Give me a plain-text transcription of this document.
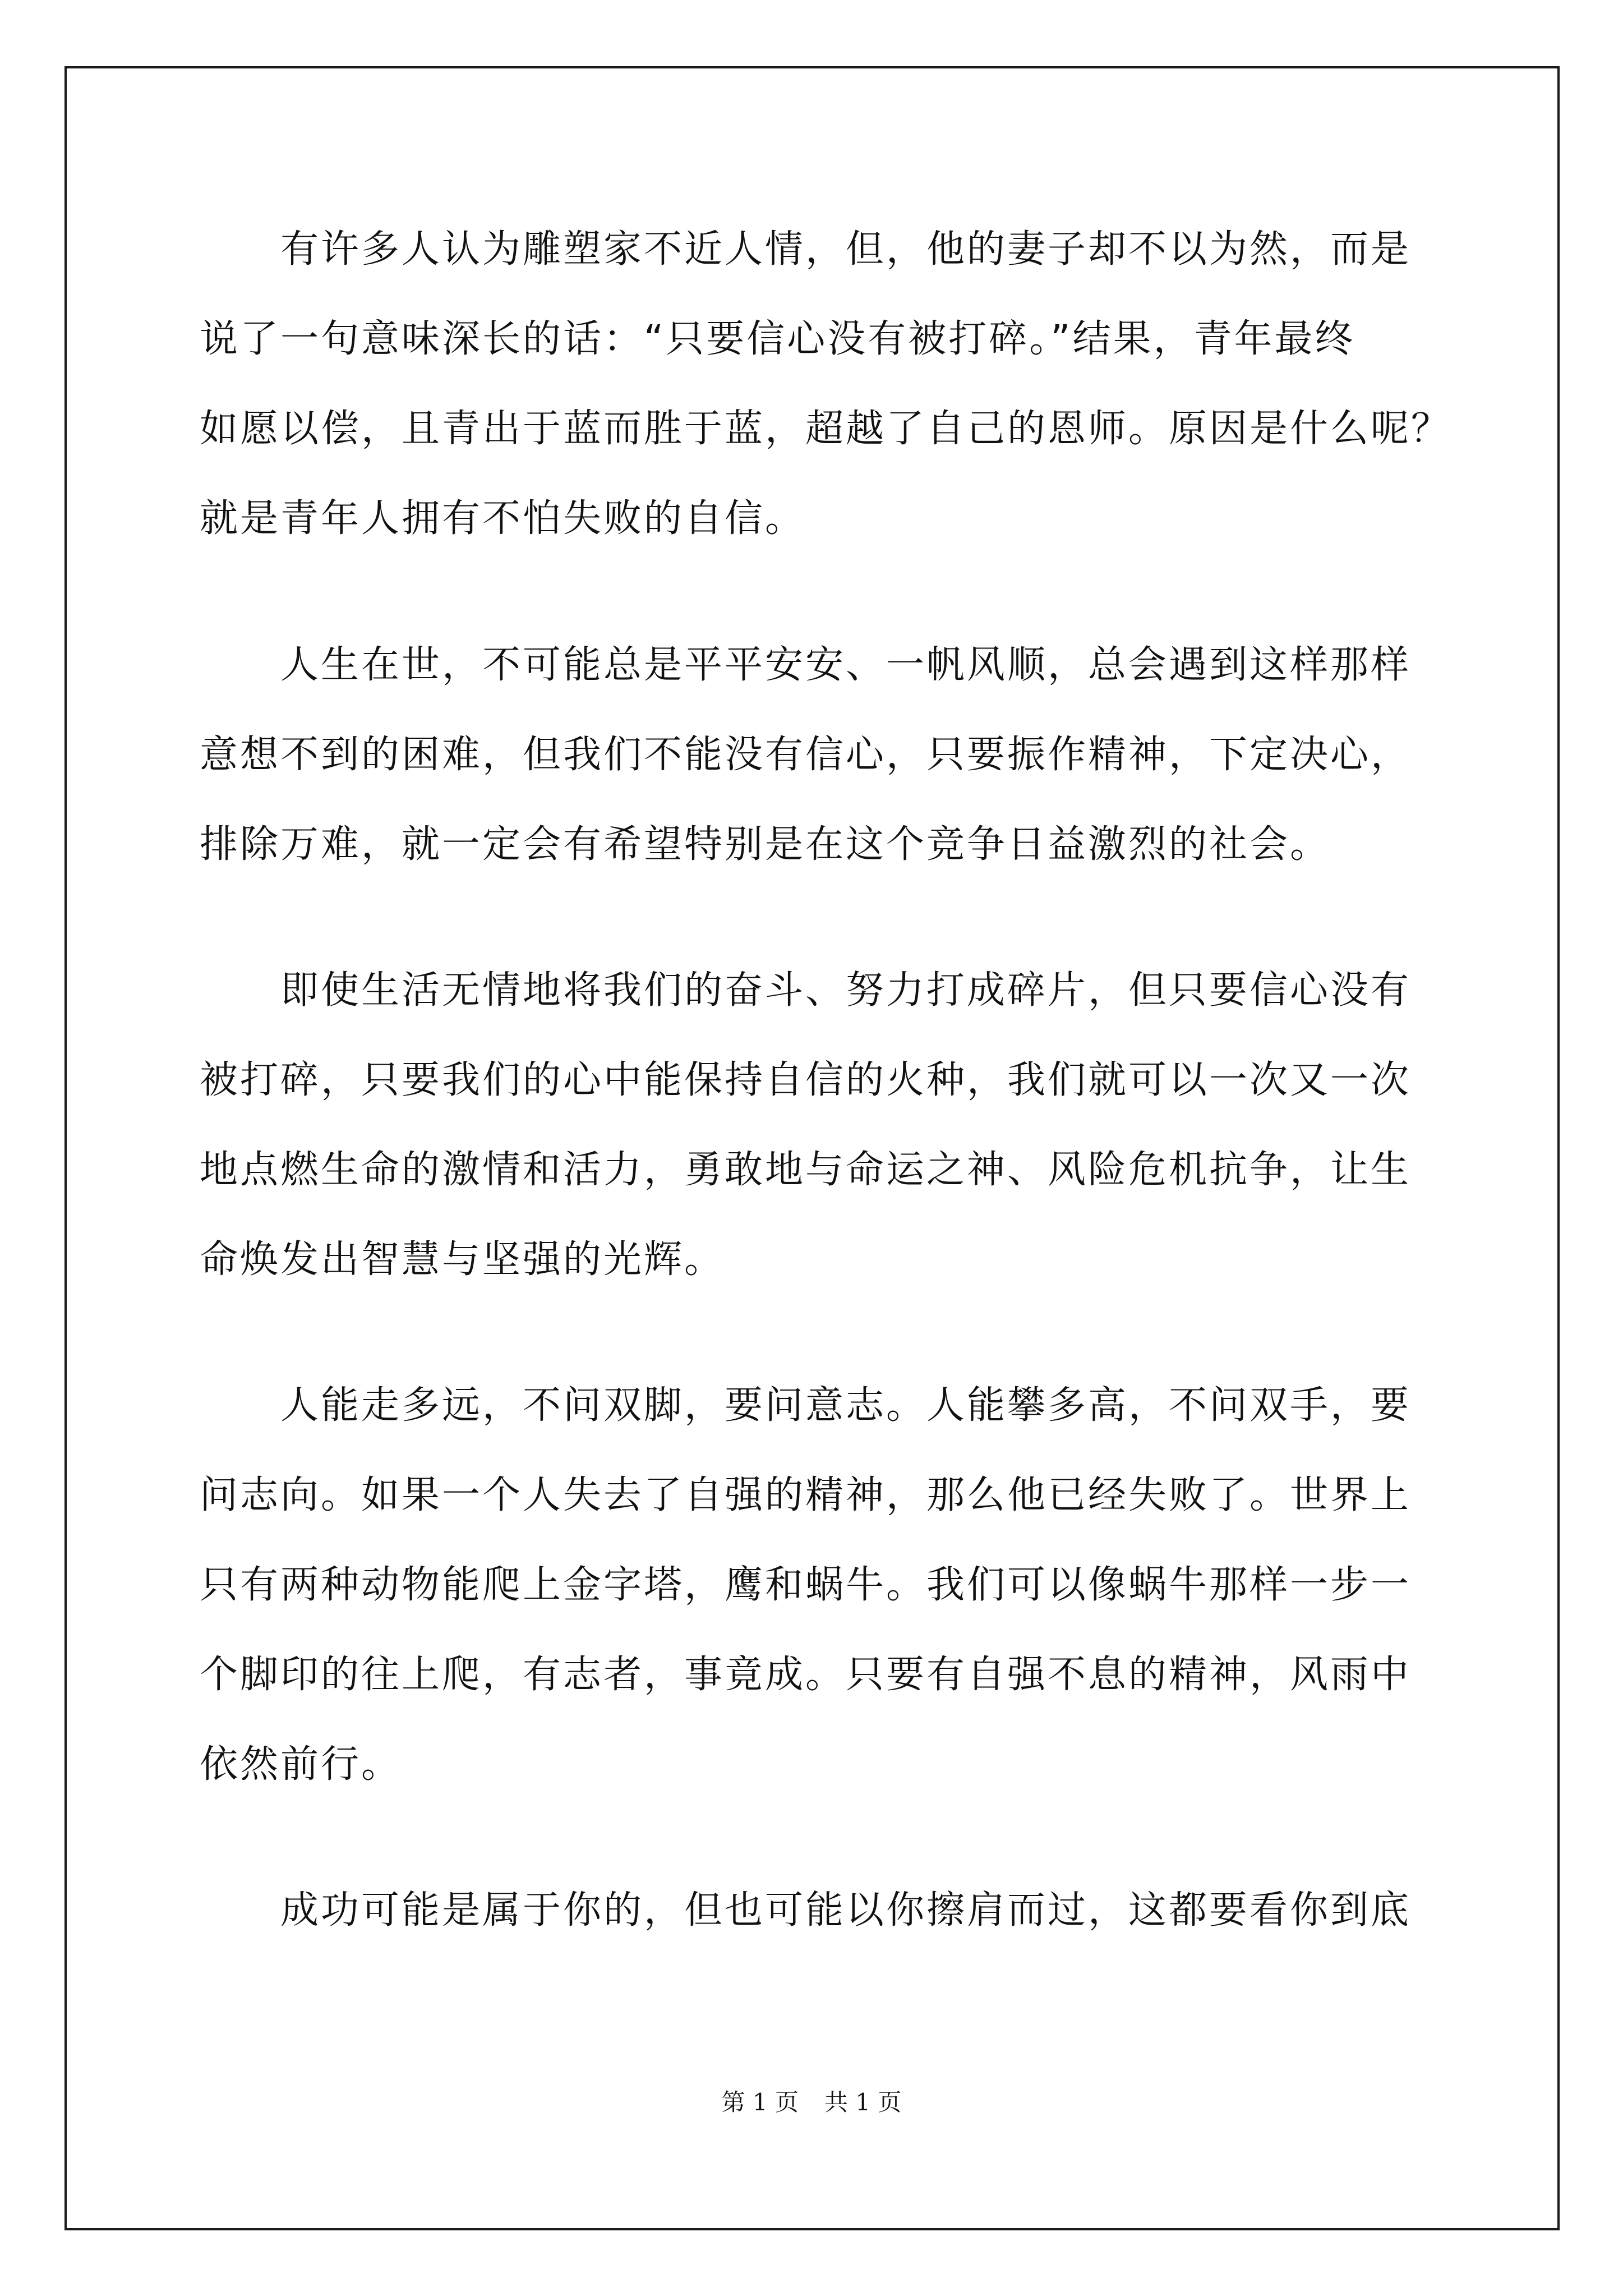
　　有许多人认为雕塑家不近人情，但，他的妻子却不以为然，而是
说了一句意味深长的话：“只要信心没有被打碎。”结果，青年最终
如愿以偿，且青出于蓝而胜于蓝，超越了自己的恩师。原因是什么呢？
就是青年人拥有不怕失败的自信。
　　人生在世，不可能总是平平安安、一帆风顺，总会遇到这样那样
意想不到的困难，但我们不能没有信心，只要振作精神，下定决心，
排除万难，就一定会有希望特别是在这个竞争日益激烈的社会。
　　即使生活无情地将我们的奋斗、努力打成碎片，但只要信心没有
被打碎，只要我们的心中能保持自信的火种，我们就可以一次又一次
地点燃生命的激情和活力，勇敢地与命运之神、风险危机抗争，让生
命焕发出智慧与坚强的光辉。
　　人能走多远，不问双脚，要问意志。人能攀多高，不问双手，要
问志向。如果一个人失去了自强的精神，那么他已经失败了。世界上
只有两种动物能爬上金字塔，鹰和蜗牛。我们可以像蜗牛那样一步一
个脚印的往上爬，有志者，事竟成。只要有自强不息的精神，风雨中
依然前行。
　　成功可能是属于你的，但也可能以你擦肩而过，这都要看你到底
第 1 页 共 1 页
